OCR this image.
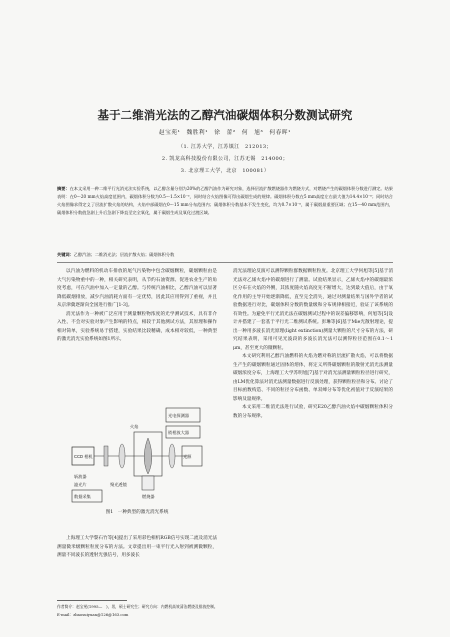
基于二维消光法的乙醇汽油碳烟体积分数测试研究
赵宝苑¹　魏胜利¹　徐　蕾²　何　旭³　何春晖¹
（1. 江苏大学，江苏镇江　212013；
2. 凯龙高科技股份有限公司，江苏无锡　214000；
3. 北京理工大学，北京　100081）
摘要：在本文采用一种二维平行光消光法实验系统，以乙醇含量分别为20%的乙醇汽油作为研究对象，选择层流扩散燃烧器作为燃烧方式，对燃烧产生的碳烟体积分数进行测定。结果表明：在0～20 mm火焰高度范围内，碳烟体积分数为0.5～1.5×10⁻⁶，同时结合火焰图像可得出碳烟生成的规律。碳烟体积分数在5 mm高度左右最大值为14.4×10⁻⁶；同时结合火焰图像求得定义了层流扩散火焰的结构，火焰中部碳烟在0～15 mm分布范围内；碳烟体积分数基本不发生变化，均为0.7×10⁻⁶，属于碳烟最重要区域；在15～40 mm范围内，碳烟体积分数值急剧上升后急剧下降直至完全氧化，属于碳烟生成及氧化过渡区域。
关键词：乙醇汽油；二维消光法；层流扩散火焰；碳烟体积分数

以汽油为燃料的机动车排放的尾气污染物中包含碳烟颗粒，碳烟颗粒由是大气污染物重中的一种，相关研究表明，从节约石油资源、促进农业生产的角度考虑，可在汽油中加入一定量的乙醇。与传统汽油相比，乙醇汽油可以显著降低碳烟排放，减少汽油消耗方面有一定优势，因此其应用得到了重视，并且从京津冀逐渐向全国进行推广[1-3]。

消光法作为一种被广泛应用于测量颗粒物浓度的光学测试技术，具有非介入性、不会对实验对象产生影响的特点，相较于其他测试方法，其原理和操作相对简单，实验系统易于搭建，实验结果比较精确，成本相对较低，一种典型的激光消光实验系统如图1所示。

CCD 相机	光源
光电探测器
锁相放大器
斩波器
滤光片	聚光透镜
燃烧器
火焰
数据采集
图1　一种典型的激光消光系统

上海理工大学黎石竹等[4]提出了采用彩色相机RGB信号实现二流及消光法测量微米级颗粒粒度分布的方法。文章提出用一束平行光入射到被测微颗粒，测量不同波长的透射光强信号，用多波长

消光法理论反演可以测得颗粒群数据颗粒粒度。北京理工大学何旭等[5]基于消光法对乙烯火焰中的碳烟进行了测量。试验结果显示，乙烯火焰中的碳烟最浓区分布在火焰的外侧，其浓度随火焰高度先不断增大，达到最大值后，由于氧化作用的主导开始逐渐降低，直至完全消失，通过对测量结果与国外学者的试验数据进行对比，碳烟体积分数的数量级和分布规律相接近，验证了该系统的有效性。为避免平行光消光法在碳烟测试过程中的误差偏移影响，何旭等[5]设计并搭建了一套基于平行光二维测试系统。彭琳等[6]基于Mie光散射理论，提出一种用多波长消光原理(light extinction)测量大颗粒的尺寸分布的方法，研究结果表明，采用可见光波段的多波长消光法可以测得粒径范围在0.1～1 μm，甚至更大的微颗粒。

本文研究利用乙醇汽油燃料的火焰为燃对称的层流扩散火焰，可以将数据生产生的碳烟颗粒通过固体的熔体，将定义所得碳烟颗粒的散射光消光法测量碳烟浓度分布，上海理工大学苏明旭[7]基于对消光法测量颗粒粒径进行研究，由LM优化算法对消光法测量数据进行反演处理，获得颗粒粒径和分布。讨论了目标函数构造、不同的粒径分布函数、单双峰分布等优化初值对于反演结果的影响及量规律。

本文采用二维消光法进行试验，研究E20乙醇汽油火焰中碳烟颗粒体积分数的分布规律。

作者简介：赵宝苑(1995—　)，男，硕士研究生；研究方向：内燃机高效清洁燃烧及排放控制。
E-mail：zbaosuiyuan@126@163.com
